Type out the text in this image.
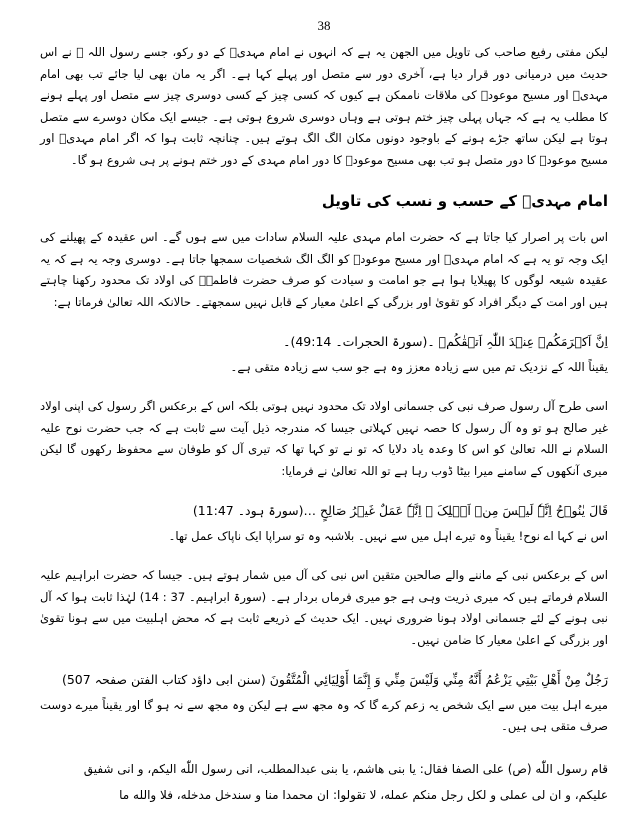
38

لیکن مفتی رفیع صاحب کی تاویل میں الجھن یہ ہے کہ انہوں نے امام مہدیؑ کے دو رکو، جسے رسول اللہ ﷺ نے اس حدیث میں درمیانی دور قرار دیا ہے، آخری دور سے متصل اور پہلے کہا ہے۔ اگر یہ مان بھی لیا جائے تب بھی امام مہدیؑ اور مسیح موعودؑ کی ملاقات ناممکن ہے کیوں کہ کسی چیز کے کسی دوسری چیز سے متصل اور پہلے ہونے کا مطلب یہ ہے کہ جہاں پہلی چیز ختم ہوتی ہے وہاں دوسری شروع ہوتی ہے۔ جیسے ایک مکان دوسرے سے متصل ہوتا ہے لیکن ساتھ جڑے ہونے کے باوجود دونوں مکان الگ الگ ہوتے ہیں۔ چنانچہ ثابت ہوا کہ اگر امام مہدیؑ اور مسیح موعودؑ کا دور متصل ہو تب بھی مسیح موعودؑ کا دور امام مہدی کے دور ختم ہونے پر ہی شروع ہو گا۔

امام مہدیؑ کے حسب و نسب کی تاویل

اس بات پر اصرار کیا جاتا ہے کہ حضرت امام مہدی علیہ السلام سادات میں سے ہوں گے۔ اس عقیدہ کے پھیلنے کی ایک وجہ تو یہ ہے کہ امام مہدیؑ اور مسیح موعودؑ کو الگ الگ شخصیات سمجھا جاتا ہے۔ دوسری وجہ یہ ہے کہ یہ عقیدہ شیعہ لوگوں کا پھیلایا ہوا ہے جو امامت و سیادت کو صرف حضرت فاطمہؓ کی اولاد تک محدود رکھنا چاہتے ہیں اور امت کے دیگر افراد کو تقویٰ اور بزرگی کے اعلیٰ معیار کے قابل نہیں سمجھتے۔ حالانکہ اللہ تعالیٰ فرماتا ہے:

اِنَّ اَکۡرَمَکُمۡ عِنۡدَ اللّٰہِ اَتۡقٰکُمۡ ۔(سورۃ الحجرات۔ 49:14)۔

یقیناً اللہ کے نزدیک تم میں سے زیادہ معزز وہ ہے جو سب سے زیادہ متقی ہے۔

اسی طرح آل رسول صرف نبی کی جسمانی اولاد تک محدود نہیں ہوتی بلکہ اس کے برعکس اگر رسول کی اپنی اولاد غیر صالح ہو تو وہ آل رسول کا حصہ نہیں کہلاتی جیسا کہ مندرجہ ذیل آیت سے ثابت ہے کہ جب حضرت نوح علیہ السلام نے اللہ تعالیٰ کو اس کا وعدہ یاد دلایا کہ تو نے تو کہا تھا کہ تیری آل کو طوفان سے محفوظ رکھوں گا لیکن میری آنکھوں کے سامنے میرا بیٹا ڈوب رہا ہے تو اللہ تعالیٰ نے فرمایا:

قَالَ یٰنُوۡحُ اِنَّہٗ لَیۡسَ مِنۡ اَہۡلِکَ ۚ اِنَّہٗ عَمَلٌ غَیۡرُ صَالِحٍ …(سورۃ ہود۔ 11:47)

اس نے کہا اے نوح! یقیناً وہ تیرے اہل میں سے نہیں۔ بلاشبہ وہ تو سراپا ایک ناپاک عمل تھا۔

اس کے برعکس نبی کے ماننے والے صالحین متقین اس نبی کی آل میں شمار ہوتے ہیں۔ جیسا کہ حضرت ابراہیم علیہ السلام فرماتے ہیں کہ میری ذریت وہی ہے جو میری فرماں بردار ہے۔ (سورۃ ابراہیم۔ 37 : 14) لہٰذا ثابت ہوا کہ آل نبی ہونے کے لئے جسمانی اولاد ہونا ضروری نہیں۔ ایک حدیث کے ذریعے ثابت ہے کہ محض اہلبیت میں سے ہونا تقویٰ اور بزرگی کے اعلیٰ معیار کا ضامن نہیں۔

رَجُلٌ مِنْ أَهْلِ بَيْتِي يَزْعُمُ أَنَّهُ مِنِّي وَلَيْسَ مِنِّي وَ إِنَّمَا أَوْلِيَائِي الْمُتَّقُونَ (سنن ابی داؤد کتاب الفتن صفحہ 507)

میرے اہل بیت میں سے ایک شخص یہ زعم کرے گا کہ وہ مجھ سے ہے لیکن وہ مجھ سے نہ ہو گا اور یقیناً میرے دوست صرف متقی ہی ہیں۔

قام رسول اللّٰه (ص) علی الصفا فقال: یا بنی هاشم، یا بنی عبدالمطلب، انی رسول اللّٰه الیکم، و انی شفیق

علیکم، و ان لی عملی و لکل رجل منکم عمله، لا تقولوا: ان محمدا منا و سندخل مدخله، فلا والله ما
